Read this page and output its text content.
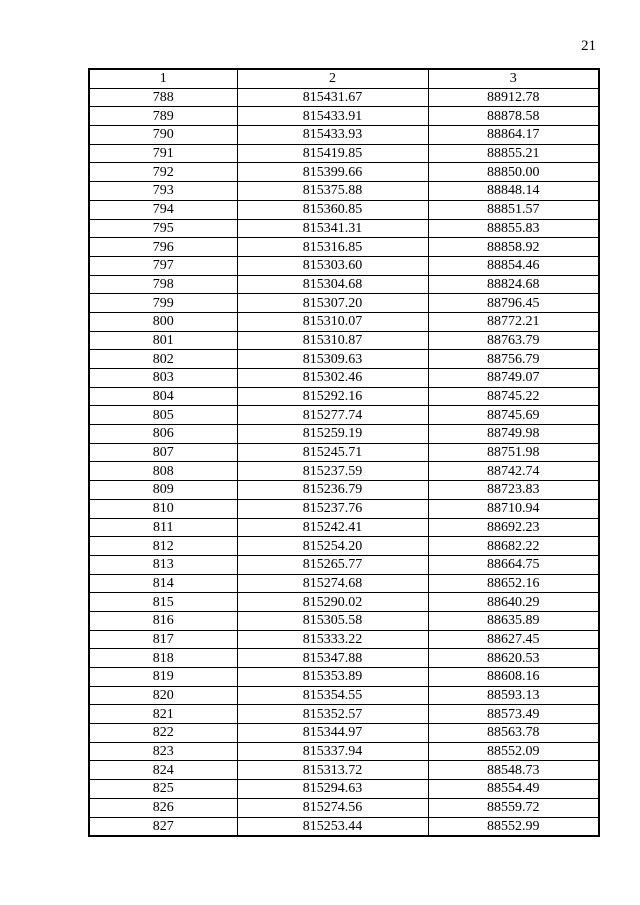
21
1	2	3
788	815431.67	88912.78
789	815433.91	88878.58
790	815433.93	88864.17
791	815419.85	88855.21
792	815399.66	88850.00
793	815375.88	88848.14
794	815360.85	88851.57
795	815341.31	88855.83
796	815316.85	88858.92
797	815303.60	88854.46
798	815304.68	88824.68
799	815307.20	88796.45
800	815310.07	88772.21
801	815310.87	88763.79
802	815309.63	88756.79
803	815302.46	88749.07
804	815292.16	88745.22
805	815277.74	88745.69
806	815259.19	88749.98
807	815245.71	88751.98
808	815237.59	88742.74
809	815236.79	88723.83
810	815237.76	88710.94
811	815242.41	88692.23
812	815254.20	88682.22
813	815265.77	88664.75
814	815274.68	88652.16
815	815290.02	88640.29
816	815305.58	88635.89
817	815333.22	88627.45
818	815347.88	88620.53
819	815353.89	88608.16
820	815354.55	88593.13
821	815352.57	88573.49
822	815344.97	88563.78
823	815337.94	88552.09
824	815313.72	88548.73
825	815294.63	88554.49
826	815274.56	88559.72
827	815253.44	88552.99
